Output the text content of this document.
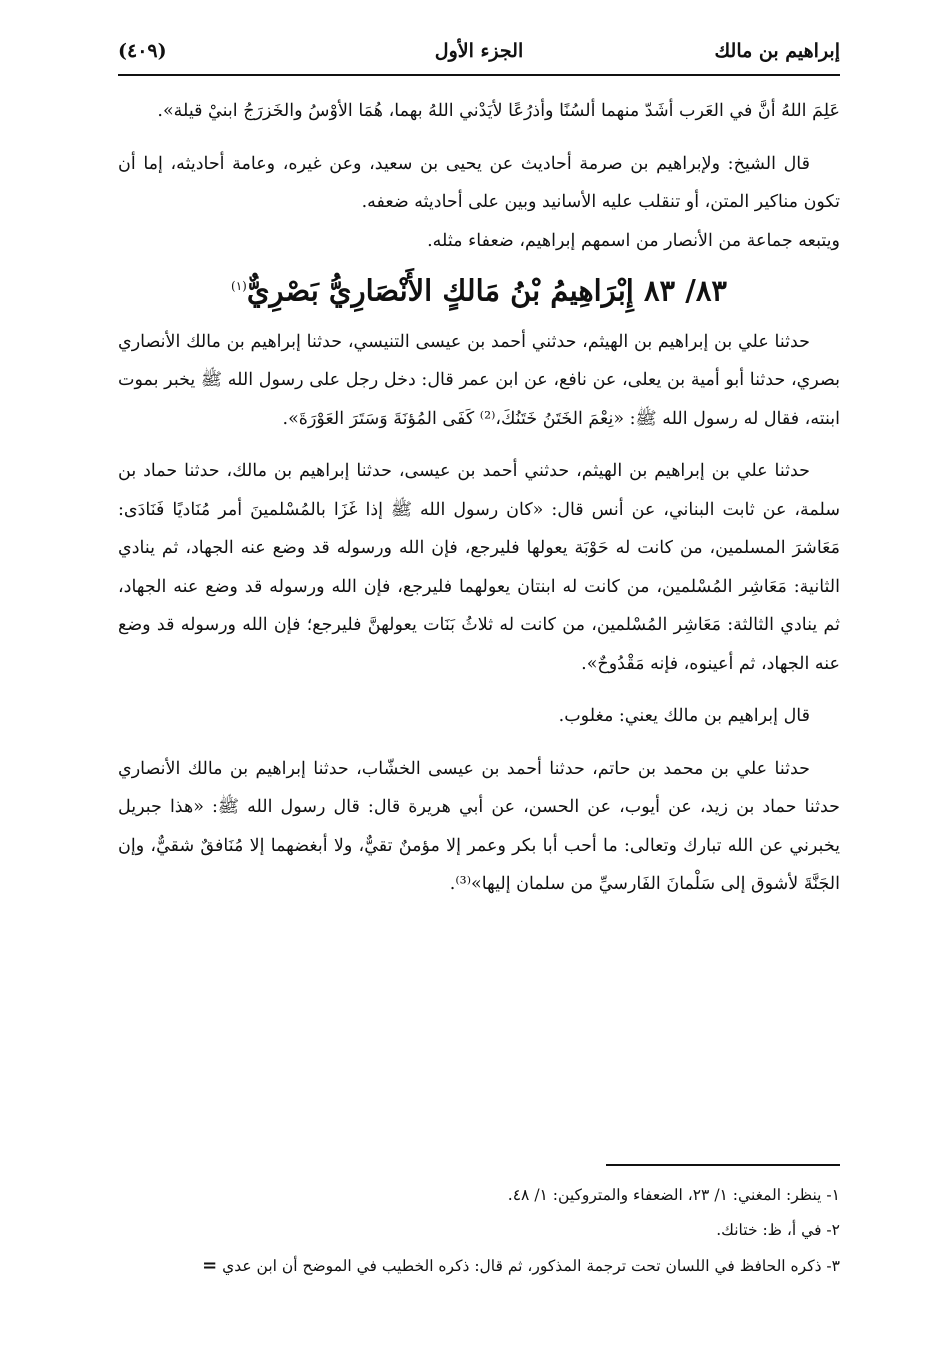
إبراهيم بن مالك
الجزء الأول
(٤٠٩)

عَلِمَ اللهُ أنَّ في العَرب أشَدّ منهما ألسُنًا وأذرُعًا لأيَدْني اللهُ بهما، هُمَا الأوْسُ والخَزرَجُ ابنيْ قيلة».

قال الشيخ: ولإبراهيم بن صرمة أحاديث عن يحيى بن سعيد، وعن غيره، وعامة أحاديثه، إما أن تكون مناكير المتن، أو تنقلب عليه الأسانيد وبين على أحاديثه ضعفه.

ويتبعه جماعة من الأنصار من اسمهم إبراهيم، ضعفاء مثله.

٨٣/ ٨٣ إِبْرَاهِيمُ بْنُ مَالكٍ الأَنْصَارِيُّ بَصْرِيٌّ$^{(١)}$

حدثنا علي بن إبراهيم بن الهيثم، حدثني أحمد بن عيسى التنيسي، حدثنا إبراهيم بن مالك الأنصاري بصري، حدثنا أبو أمية بن يعلى، عن نافع، عن ابن عمر قال: دخل رجل على رسول الله ﷺ يخبر بموت ابنته، فقال له رسول الله ﷺ: «نِعْمَ الخَتَنُ خَتَنُكَ،⁽²⁾ كَفَى المُؤنَةَ وَسَتَرَ العَوْرَةَ».

حدثنا علي بن إبراهيم بن الهيثم، حدثني أحمد بن عيسى، حدثنا إبراهيم بن مالك، حدثنا حماد بن سلمة، عن ثابت البناني، عن أنس قال: «كان رسول الله ﷺ إذا غَزَا بالمُسْلمينَ أمر مُنَاديًا فَنَادَى: مَعَاشرَ المسلمين، من كانت له حَوْبَة يعولها فليرجع، فإن الله ورسوله قد وضع عنه الجهاد، ثم ينادي الثانية: مَعَاشِر المُسْلمين، من كانت له ابنتان يعولهما فليرجع، فإن الله ورسوله قد وضع عنه الجهاد، ثم ينادي الثالثة: مَعَاشِر المُسْلمين، من كانت له ثلاثُ بَنَات يعولهنَّ فليرجع؛ فإن الله ورسوله قد وضع عنه الجهاد، ثم أعينوه، فإنه مَقْدُوحٌ».

قال إبراهيم بن مالك يعني: مغلوب.

حدثنا علي بن محمد بن حاتم، حدثنا أحمد بن عيسى الخشّاب، حدثنا إبراهيم بن مالك الأنصاري حدثنا حماد بن زيد، عن أيوب، عن الحسن، عن أبي هريرة قال: قال رسول الله ﷺ: «هذا جبريل يخبرني عن الله تبارك وتعالى: ما أحب أبا بكر وعمر إلا مؤمنٌ تقيٌّ، ولا أبغضهما إلا مُنَافقٌ شقيٌّ، وإن الجَنَّةَ لأشوق إلى سَلْمانَ الفَارسيِّ من سلمان إليها»⁽³⁾.

١- ينظر: المغني: ١/ ٢٣، الضعفاء والمتروكين: ١/ ٤٨.
٢- في أ، ظ: ختانك.
٣- ذكره الحافظ في اللسان تحت ترجمة المذكور، ثم قال: ذكره الخطيب في الموضح أن ابن عدي =
